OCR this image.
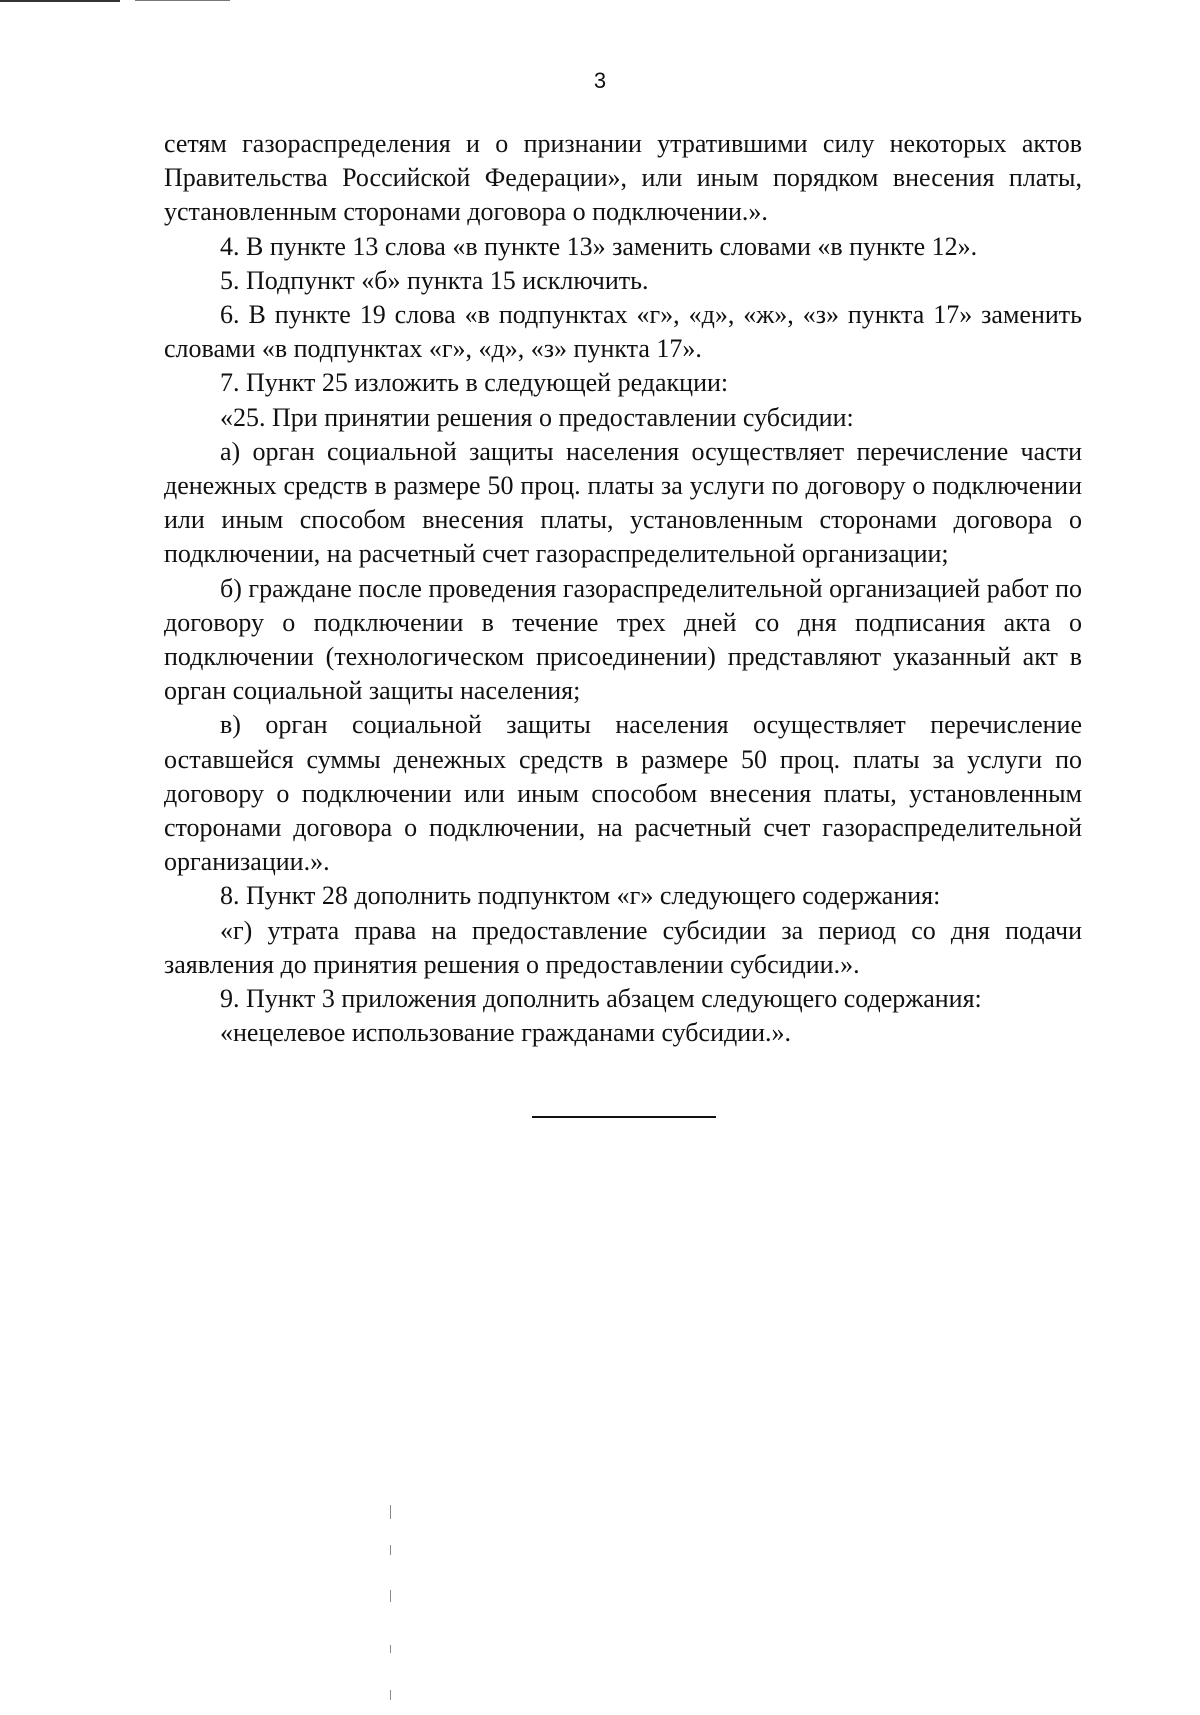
3

сетям газораспределения и о признании утратившими силу некоторых актов Правительства Российской Федерации», или иным порядком внесения платы, установленным сторонами договора о подключении.».

4. В пункте 13 слова «в пункте 13» заменить словами «в пункте 12».

5. Подпункт «б» пункта 15 исключить.

6. В пункте 19 слова «в подпунктах «г», «д», «ж», «з» пункта 17» заменить словами «в подпунктах «г», «д», «з» пункта 17».

7. Пункт 25 изложить в следующей редакции:

«25. При принятии решения о предоставлении субсидии:

а) орган социальной защиты населения осуществляет перечисление части денежных средств в размере 50 проц. платы за услуги по договору о подключении или иным способом внесения платы, установленным сторонами договора о подключении, на расчетный счет газораспределительной организации;

б) граждане после проведения газораспределительной организацией работ по договору о подключении в течение трех дней со дня подписания акта о подключении (технологическом присоединении) представляют указанный акт в орган социальной защиты населения;

в) орган социальной защиты населения осуществляет перечисление оставшейся суммы денежных средств в размере 50 проц. платы за услуги по договору о подключении или иным способом внесения платы, установленным сторонами договора о подключении, на расчетный счет газораспределительной организации.».

8. Пункт 28 дополнить подпунктом «г» следующего содержания:

«г) утрата права на предоставление субсидии за период со дня подачи заявления до принятия решения о предоставлении субсидии.».

9. Пункт 3 приложения дополнить абзацем следующего содержания:

«нецелевое использование гражданами субсидии.».
